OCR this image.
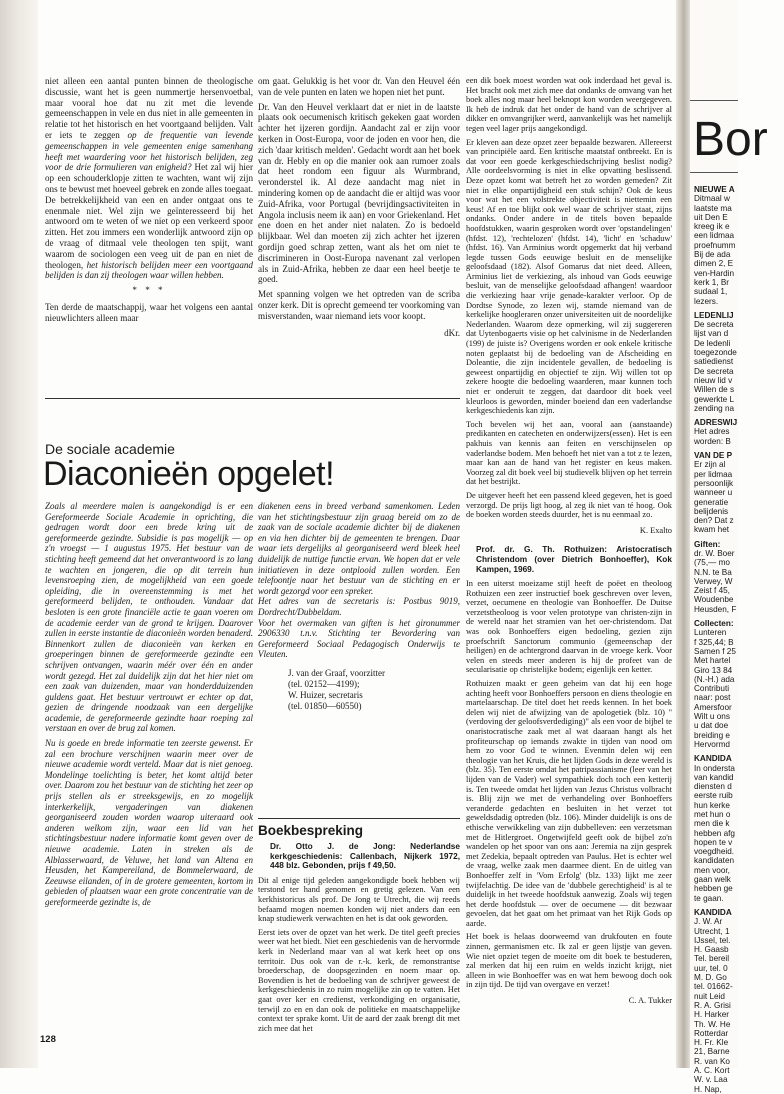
niet alleen een aantal punten binnen de theologische discussie, want het is geen nummertje hersenvoetbal, maar vooral hoe dat nu zit met die levende gemeenschappen in vele en dus niet in alle gemeenten in relatie tot het historisch en het voortgaand belijden. Valt er iets te zeggen op de frequentie van levende gemeenschappen in vele gemeenten enige samenhang heeft met waardering voor het historisch belijden, zeg voor de drie formulieren van enigheid? Het zal wij hier op een schouderklopje zitten te wachten, want wij zijn ons te bewust met hoeveel gebrek en zonde alles toegaat. De betrekkelijkheid van een en ander ontgaat ons te enenmale niet. Wel zijn we geïnteresseerd bij het antwoord om te weten of we niet op een verkeerd spoor zitten. Het zou immers een wonderlijk antwoord zijn op de vraag of ditmaal vele theologen ten spijt, want waarom de sociologen een veeg uit de pan en niet de theologen, het historisch belijden meer een voortgaand belijden is dan zij theologen waar willen hebben.

* * *

Ten derde de maatschappij, waar het volgens een aantal nieuwlichters alleen maar

om gaat. Gelukkig is het voor dr. Van den Heuvel één van de vele punten en laten we hopen niet het punt.

Dr. Van den Heuvel verklaart dat er niet in de laatste plaats ook oecumenisch kritisch gekeken gaat worden achter het ijzeren gordijn. Aandacht zal er zijn voor kerken in Oost-Europa, voor de joden en voor hen, die zich 'daar kritisch melden'. Gedacht wordt aan het boek van dr. Hebly en op die manier ook aan rumoer zoals dat heet rondom een figuur als Wurmbrand, veronderstel ik. Al deze aandacht mag niet in mindering komen op de aandacht die er altijd was voor Zuid-Afrika, voor Portugal (bevrijdingsactiviteiten in Angola inclusis neem ik aan) en voor Griekenland. Het ene doen en het ander niet nalaten. Zo is bedoeld blijkbaar. Wel dan moeten zij zich achter het ijzeren gordijn goed schrap zetten, want als het om niet te discrimineren in Oost-Europa navenant zal verlopen als in Zuid-Afrika, hebben ze daar een heel beetje te goed.

Met spanning volgen we het optreden van de scriba onzer kerk. Dit is oprecht gemeend ter voorkoming van misverstanden, waar niemand iets voor koopt.

dKr.

een dik boek moest worden wat ook inderdaad het geval is. Het bracht ook met zich mee dat ondanks de omvang van het boek alles nog maar heel beknopt kon worden weergegeven. Ik heb de indruk dat het onder de hand van de schrijver al dikker en omvangrijker werd, aanvankelijk was het namelijk tegen veel lager prijs aangekondigd.

Er kleven aan deze opzet zeer bepaalde bezwaren. Allereerst van principiële aard. Een kritische maatstaf ontbreekt. En is dat voor een goede kerkgeschiedschrijving beslist nodig? Alle oordeelsvorming is niet in elke opvatting beslissend. Deze opzet komt wat betreft het zo worden gemeden? Zit niet in elke onpartijdigheid een stuk schijn? Ook de keus voor wat het een volstrekte objectiviteit is niettemin een keus! Af en toe blijkt ook wel waar de schrijver staat, zijns ondanks. Onder andere in de titels boven bepaalde hoofdstukken, waarin gesproken wordt over 'opstandelingen' (hfdst. 12), 'rechtelozen' (hfdst. 14), 'licht' en 'schaduw' (hfdst. 16). Van Arminius wordt opgemerkt dat hij verband legde tussen Gods eeuwige besluit en de menselijke geloofsdaad (182). Alsof Gomarus dat niet deed. Alleen, Arminius liet de verkiezing, als inhoud van Gods eeuwige besluit, van de menselijke geloofsdaad afhangen! waardoor die verkiezing haar vrije genade-karakter verloor. Op de Dordtse Synode, zo lezen wij, stamde niemand van de kerkelijke hoogleraren onzer universiteiten uit de noordelijke Nederlanden. Waarom deze opmerking, wil zij suggereren dat Uytenbogaerts visie op het calvinisme in de Nederlanden (199) de juiste is? Overigens worden er ook enkele kritische noten geplaatst bij de bedoeling van de Afscheiding en Doleantie, die zijn incidentele gevallen, de bedoeling is geweest onpartijdig en objectief te zijn. Wij willen tot op zekere hoogte die bedoeling waarderen, maar kunnen toch niet er onderuit te zeggen, dat daardoor dit boek veel kleurloos is geworden, minder boeiend dan een vaderlandse kerkgeschiedenis kan zijn.

Toch bevelen wij het aan, vooral aan (aanstaande) predikanten en catecheten en onderwijzers(essen). Het is een pakhuis van kennis aan feiten en verschijnselen op vaderlandse bodem. Men behoeft het niet van a tot z te lezen, maar kan aan de hand van het register en keus maken. Voorzeg zal dit boek veel bij studievelk blijven op het terrein dat het bestrijkt.

De uitgever heeft het een passend kleed gegeven, het is goed verzorgd. De prijs ligt hoog, al zeg ik niet van té hoog. Ook de boeken worden steeds duurder, het is nu eenmaal zo.

K. Exalto
Prof. dr. G. Th. Rothuizen: Aristocratisch Christendom (over Dietrich Bonhoeffer), Kok Kampen, 1969.

In een uiterst moeizame stijl heeft de poëet en theoloog Rothuizen een zeer instructief boek geschreven over leven, verzet, oecumene en theologie van Bonhoeffer. De Duitse verzetstheoloog is voor velen prototype van christen-zijn in de wereld naar het stramien van het oer-christendom. Dat was ook Bonhoeffers eigen bedoeling, gezien zijn proefschrift Sanctorum communio (gemeenschap der heiligen) en de achtergrond daarvan in de vroege kerk. Voor velen en steeds meer anderen is hij de profeet van de secularisatie op christelijke bodem; eigenlijk een ketter.

Rothuizen maakt er geen geheim van dat hij een hoge achting heeft voor Bonhoeffers persoon en diens theologie en martelaarschap. De titel doet het reeds kennen. In het boek delen wij niet de afwijzing van de apologetiek (blz. 10) "(verdoving der geloofsverdediging)" als een voor de bijbel te onaristocratische zaak met al wat daaraan hangt als het profiteurschap op iemands zwakte in tijden van nood om hem zo voor God te winnen. Evenmin delen wij een theologie van het Kruis, die het lijden Gods in deze wereld is (blz. 35). Ten eerste omdat het patripassianisme (leer van het lijden van de Vader) wel sympathiek doch toch een ketterij is. Ten tweede omdat het lijden van Jezus Christus volbracht is. Blij zijn we met de verhandeling over Bonhoeffers veranderde gedachten en besluiten in het verzet tot geweldsdadig optreden (blz. 106). Minder duidelijk is ons de ethische verwikkeling van zijn dubbelleven: een verzetsman met de Hitlergroet. Ongetwijfeld geeft ook de bijbel zo'n wandelen op het spoor van ons aan: Jeremia na zijn gesprek met Zedekia, bepaalt optreden van Paulus. Het is echter wel de vraag, welke zaak men daarmee dient. En de uitleg van Bonhoeffer zelf in 'Vom Erfolg' (blz. 133) lijkt me zeer twijfelachtig. De idee van de 'dubbele gerechtigheid' is al te duidelijk in het tweede hoofdstuk aanwezig. Zoals wij tegen het derde hoofdstuk — over de oecumene — dit bezwaar gevoelen, dat het gaat om het primaat van het Rijk Gods op aarde.

Het boek is helaas doorweemd van drukfouten en foute zinnen, germanismen etc. Ik zal er geen lijstje van geven. Wie niet opziet tegen de moeite om dit boek te bestuderen, zal merken dat hij een ruim en welds inzicht krijgt, niet alleen in wie Bonhoeffer was en wat hem bewoog doch ook in zijn tijd. De tijd van overgave en verzet!

C. A. Tukker
De sociale academie
Diaconieën opgelet!

Zoals al meerdere malen is aangekondigd is er een Gereformeerde Sociale Academie in oprichting, die gedragen wordt door een brede kring uit de gereformeerde gezindte. Subsidie is pas mogelijk — op z'n vroegst — 1 augustus 1975. Het bestuur van de stichting heeft gemeend dat het onverantwoord is zo lang te wachten en jongeren, die op dit terrein hun levensroeping zien, de mogelijkheid van een goede opleiding, die in overeenstemming is met het gereformeerd belijden, te onthouden. Vandaar dat besloten is een grote financiële actie te gaan voeren om de academie eerder van de grond te krijgen. Daarover zullen in eerste instantie de diaconieën worden benaderd. Binnenkort zullen de diaconieën van kerken en groeperingen binnen de gereformeerde gezindte een schrijven ontvangen, waarin méér over één en ander wordt gezegd. Het zal duidelijk zijn dat het hier niet om een zaak van duizenden, maar van honderdduizenden guldens gaat. Het bestuur vertrouwt er echter op dat, gezien de dringende noodzaak van een dergelijke academie, de gereformeerde gezindte haar roeping zal verstaan en over de brug zal komen.

Nu is goede en brede informatie ten zeerste gewenst. Er zal een brochure verschijnen waarin meer over de nieuwe academie wordt verteld. Maar dat is niet genoeg. Mondelinge toelichting is beter, het komt altijd beter over. Daarom zou het bestuur van de stichting het zeer op prijs stellen als er streeksgewijs, en zo mogelijk interkerkelijk, vergaderingen van diakenen georganiseerd zouden worden waarop uiteraard ook anderen welkom zijn, waar een lid van het stichtingsbestuur nadere informatie komt geven over de nieuwe academie. Laten in streken als de Alblasserwaard, de Veluwe, het land van Altena en Heusden, het Kampereiland, de Bommelerwaard, de Zeeuwse eilanden, of in de grotere gemeenten, kortom in gebieden of plaatsen waar een grote concentratie van de gereformeerde gezindte is, de

diakenen eens in breed verband samenkomen. Leden van het stichtingsbestuur zijn graag bereid om zo de zaak van de sociale academie dichter bij de diakenen en via hen dichter bij de gemeenten te brengen. Daar waar iets dergelijks al georganiseerd werd bleek heel duidelijk de nuttige functie ervan. We hopen dat er vele initiatieven in deze ontplooid zullen worden. Een telefoontje naar het bestuur van de stichting en er wordt gezorgd voor een spreker.
Het adres van de secretaris is: Postbus 9019, Dordrecht/Dubbeldam.
Voor het overmaken van giften is het gironummer 2906330 t.n.v. Stichting ter Bevordering van Gereformeerd Sociaal Pedagogisch Onderwijs te Vleuten.

J. van der Graaf, voorzitter
(tel. 02152—4199);
W. Huizer, secretaris
(tel. 01850—60550)
Boekbespreking
Dr. Otto J. de Jong: Nederlandse kerkgeschiedenis: Callenbach, Nijkerk 1972, 448 blz. Gebonden, prijs f 49,50.

Dit al enige tijd geleden aangekondigde boek hebben wij terstond ter hand genomen en gretig gelezen. Van een kerkhistoricus als prof. De Jong te Utrecht, die wij reeds befaamd mogen noemen konden wij niet anders dan een knap studiewerk verwachten en het is dat ook geworden.

Eerst iets over de opzet van het werk. De titel geeft precies weer wat het biedt. Niet een geschiedenis van de hervormde kerk in Nederland maar van al wat kerk heet op ons territoir. Dus ook van de r.-k. kerk, de remonstrantse broederschap, de doopsgezinden en noem maar op. Bovendien is het de bedoeling van de schrijver geweest de kerkgeschiedenis in zo ruim mogelijke zin op te vatten. Het gaat over ker en credienst, verkondiging en organisatie, terwijl zo en en dan ook de politieke en maatschappelijke context ter sprake komt. Uit de aard der zaak brengt dit met zich mee dat het

128
Bor
NIEUWE A
Ditmaal w
laatste ma
uit Den E
kreeg ik e
een lidmaa
proefnumm
Bij de ada
dimen 2, E
ven-Hardin
kerk 1, Br
sudaal 1,
lezers.
LEDENLIJ
De secreta
lijst van d
De ledenli
toegezonde
satiedienst
De secreta
nieuw lid v
Willen de s
gewerkte L
zending na
ADRESWIJ
Het adres
worden: B
VAN DE P
Er zijn al
per lidmaa
persoonlijk
wanneer u
generatie
belijdenis
den? Dat z
kwam het
Giften:
dr. W. Boer
(75,— mo
N.N. te Ba
Verwey, W
Zeist f 45,
Woudenbe
Heusden, F
Collecten:
Lunteren
f 325,44; B
Samen f 25
Met hartel
Giro 13 84
(N.-H.) ada
Contributi
naar: post
Amersfoor
Wilt u ons
u dat doe
breiding e
Hervormd
KANDIDA
In ondersta
van kandid
diensten d
eerste ruib
hun kerke
met hun o
men die k
hebben afg
hopen te v
voegdheid.
kandidaten
men voor,
gaan welk
hebben ge
te gaan.
KANDIDA
J. W. Ar
Utrecht, 1
IJssel, tel.
H. Gaasb
Tel. bereil
uur, tel. 0
M. D. Go
tel. 01662-
nuit Leid
R. A. Grisi
H. Harker
Th. W. He
Rotterdar
H. Fr. Kle
21, Barne
R. van Ko
A. C. Kort
W. v. Laa
H. Nap,
